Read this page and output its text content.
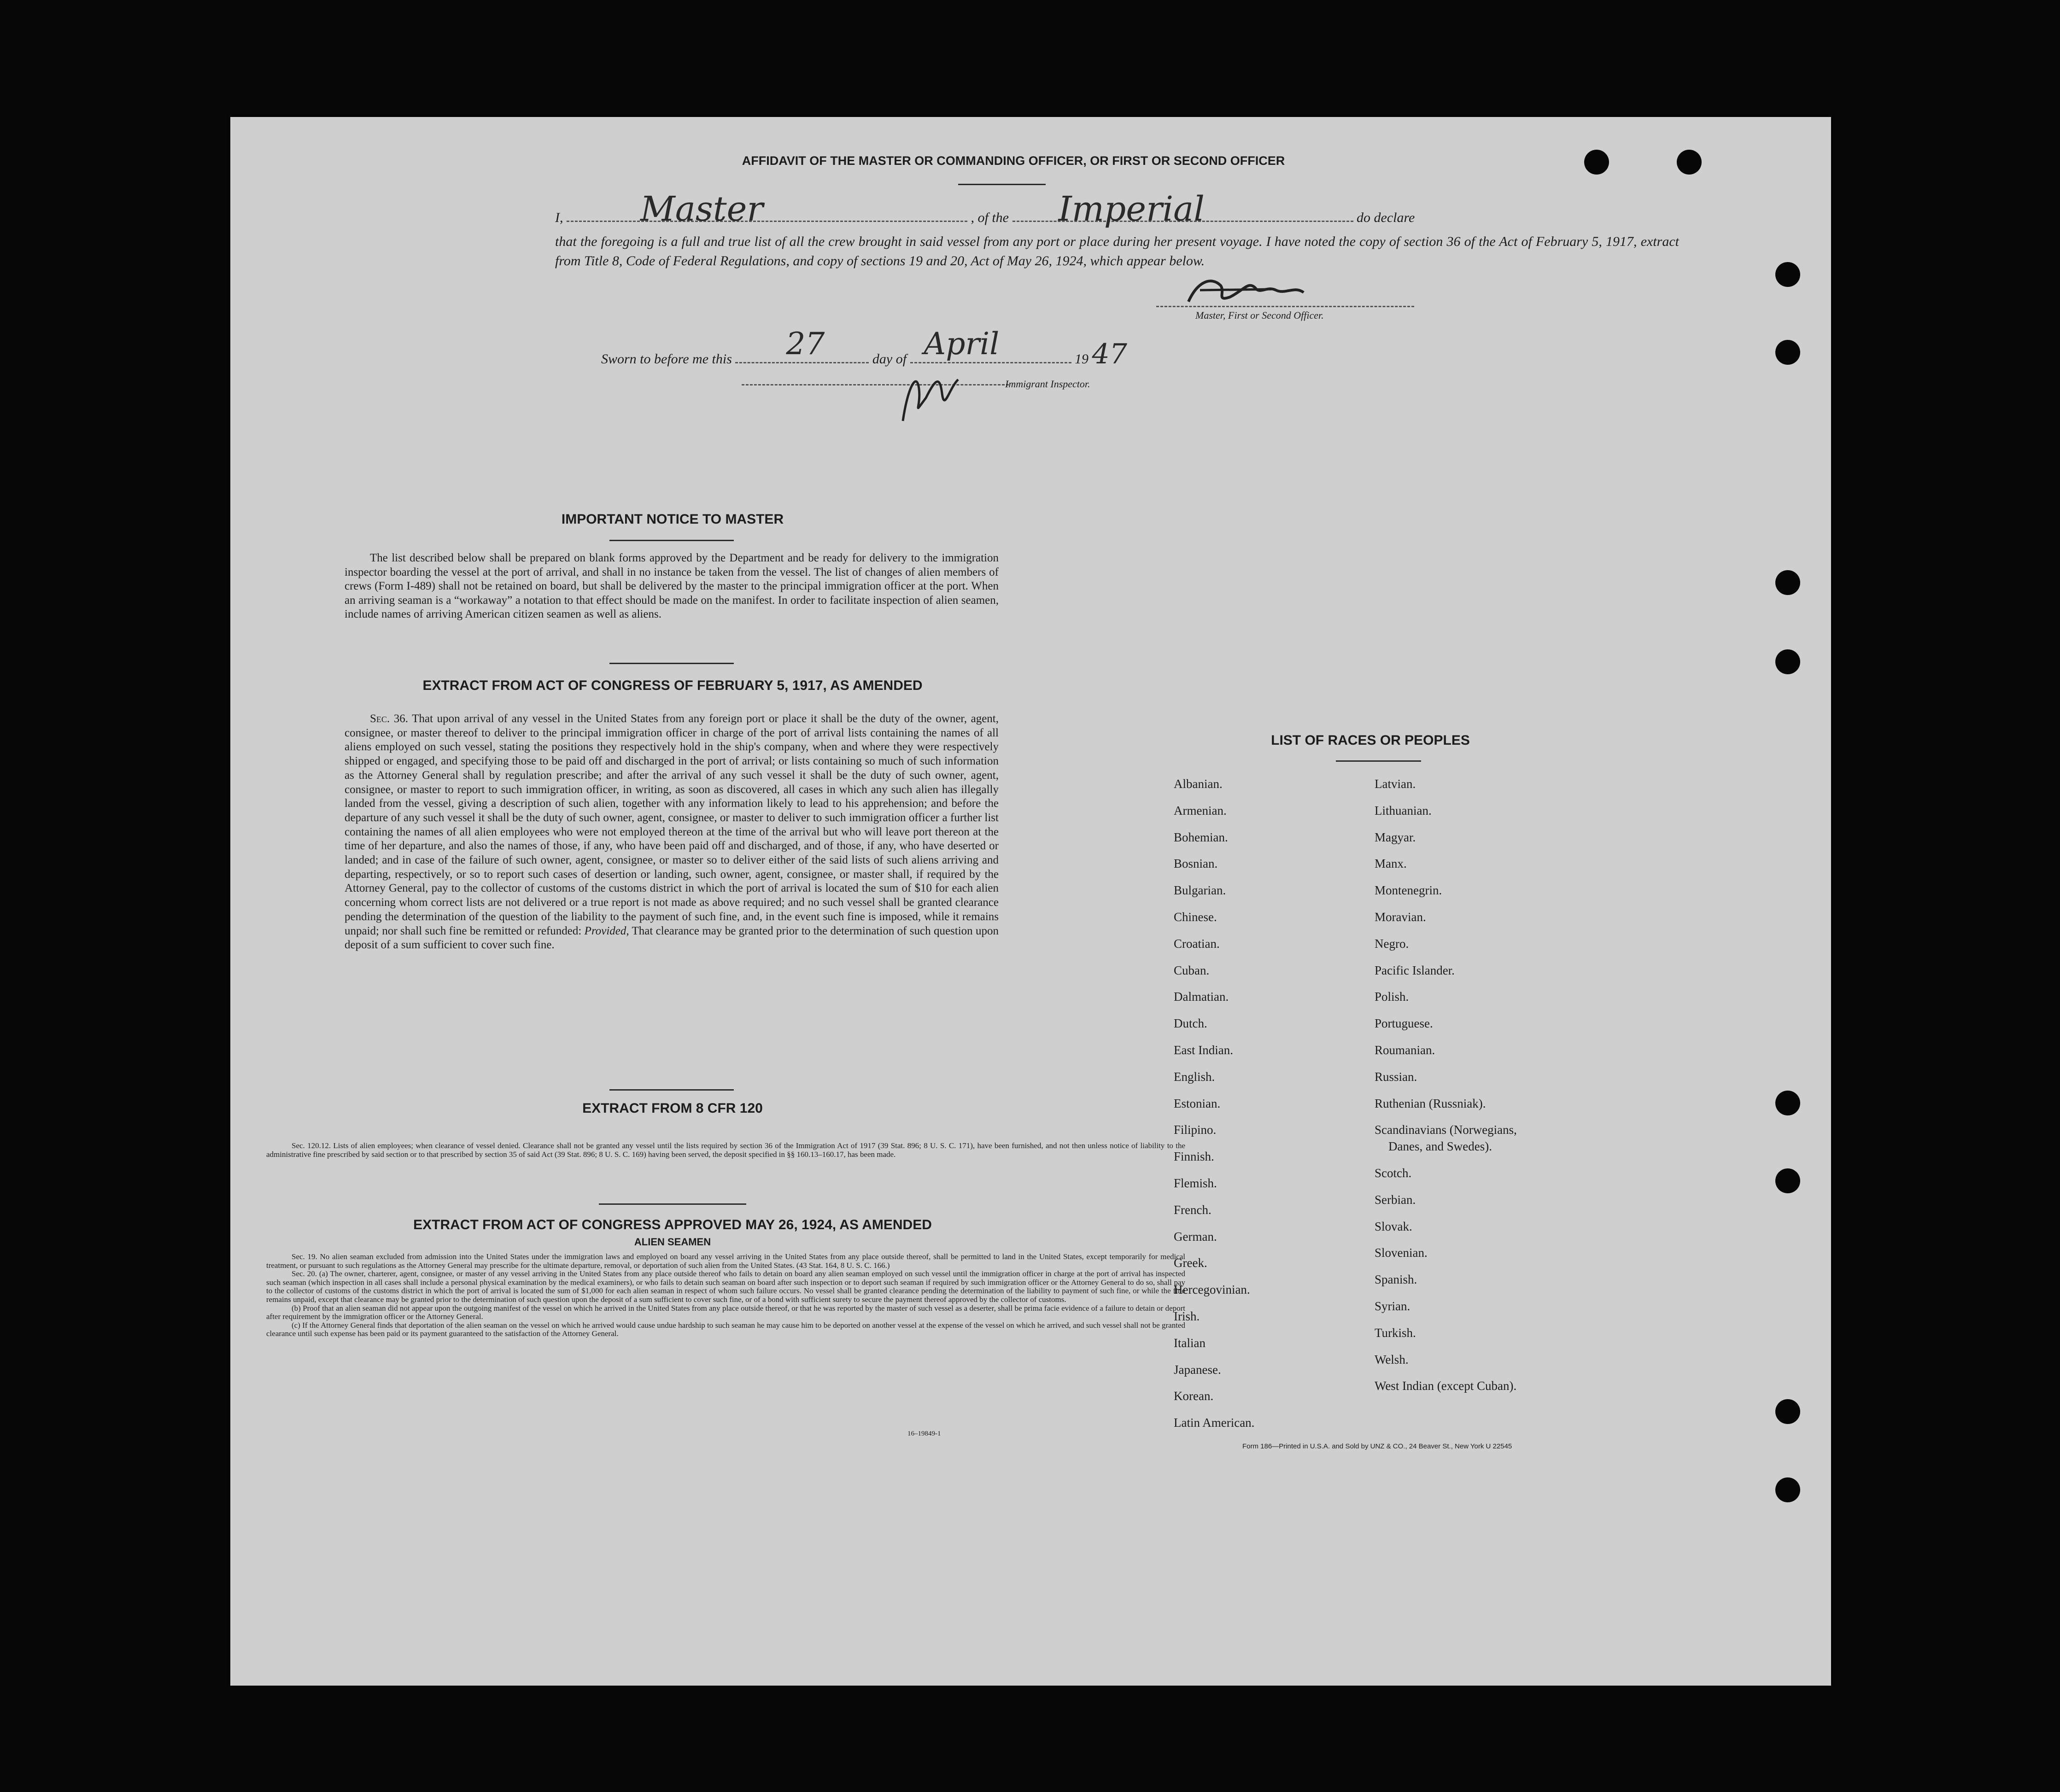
AFFIDAVIT OF THE MASTER OR COMMANDING OFFICER, OR FIRST OR SECOND OFFICER
I, Master	, of the Imperial	do declare

that the foregoing is a full and true list of all the crew brought in said vessel from any port or place during her present voyage. I have noted the copy of section 36 of the Act of February 5, 1917, extract from Title 8, Code of Federal Regulations, and copy of sections 19 and 20, Act of May 26, 1924, which appear below.

Master, First or Second Officer.
Sworn to before me this 27	day of April	19 47
Immigrant Inspector.
IMPORTANT NOTICE TO MASTER

The list described below shall be prepared on blank forms approved by the Department and be ready for delivery to the immigration inspector boarding the vessel at the port of arrival, and shall in no instance be taken from the vessel. The list of changes of alien members of crews (Form I-489) shall not be retained on board, but shall be delivered by the master to the principal immigration officer at the port. When an arriving seaman is a “workaway” a notation to that effect should be made on the manifest. In order to facilitate inspection of alien seamen, include names of arriving American citizen seamen as well as aliens.

EXTRACT FROM ACT OF CONGRESS OF FEBRUARY 5, 1917, AS AMENDED

Sec. 36. That upon arrival of any vessel in the United States from any foreign port or place it shall be the duty of the owner, agent, consignee, or master thereof to deliver to the principal immigration officer in charge of the port of arrival lists containing the names of all aliens employed on such vessel, stating the positions they respectively hold in the ship's company, when and where they were respectively shipped or engaged, and specifying those to be paid off and discharged in the port of arrival; or lists containing so much of such information as the Attorney General shall by regulation prescribe; and after the arrival of any such vessel it shall be the duty of such owner, agent, consignee, or master to report to such immigration officer, in writing, as soon as discovered, all cases in which any such alien has illegally landed from the vessel, giving a description of such alien, together with any information likely to lead to his apprehension; and before the departure of any such vessel it shall be the duty of such owner, agent, consignee, or master to deliver to such immigration officer a further list containing the names of all alien employees who were not employed thereon at the time of the arrival but who will leave port thereon at the time of her departure, and also the names of those, if any, who have been paid off and discharged, and of those, if any, who have deserted or landed; and in case of the failure of such owner, agent, consignee, or master so to deliver either of the said lists of such aliens arriving and departing, respectively, or so to report such cases of desertion or landing, such owner, agent, consignee, or master shall, if required by the Attorney General, pay to the collector of customs of the customs district in which the port of arrival is located the sum of $10 for each alien concerning whom correct lists are not delivered or a true report is not made as above required; and no such vessel shall be granted clearance pending the determination of the question of the liability to the payment of such fine, and, in the event such fine is imposed, while it remains unpaid; nor shall such fine be remitted or refunded: Provided, That clearance may be granted prior to the determination of such question upon deposit of a sum sufficient to cover such fine.

EXTRACT FROM 8 CFR 120

Sec. 120.12. Lists of alien employees; when clearance of vessel denied. Clearance shall not be granted any vessel until the lists required by section 36 of the Immigration Act of 1917 (39 Stat. 896; 8 U. S. C. 171), have been furnished, and not then unless notice of liability to the administrative fine prescribed by said section or to that prescribed by section 35 of said Act (39 Stat. 896; 8 U. S. C. 169) having been served, the deposit specified in §§ 160.13–160.17, has been made.

EXTRACT FROM ACT OF CONGRESS APPROVED MAY 26, 1924, AS AMENDED
ALIEN SEAMEN

Sec. 19. No alien seaman excluded from admission into the United States under the immigration laws and employed on board any vessel arriving in the United States from any place outside thereof, shall be permitted to land in the United States, except temporarily for medical treatment, or pursuant to such regulations as the Attorney General may prescribe for the ultimate departure, removal, or deportation of such alien from the United States. (43 Stat. 164, 8 U. S. C. 166.)

Sec. 20. (a) The owner, charterer, agent, consignee, or master of any vessel arriving in the United States from any place outside thereof who fails to detain on board any alien seaman employed on such vessel until the immigration officer in charge at the port of arrival has inspected such seaman (which inspection in all cases shall include a personal physical examination by the medical examiners), or who fails to detain such seaman on board after such inspection or to deport such seaman if required by such immigration officer or the Attorney General to do so, shall pay to the collector of customs of the customs district in which the port of arrival is located the sum of $1,000 for each alien seaman in respect of whom such failure occurs. No vessel shall be granted clearance pending the determination of the liability to payment of such fine, or while the fine remains unpaid, except that clearance may be granted prior to the determination of such question upon the deposit of a sum sufficient to cover such fine, or of a bond with sufficient surety to secure the payment thereof approved by the collector of customs.

(b) Proof that an alien seaman did not appear upon the outgoing manifest of the vessel on which he arrived in the United States from any place outside thereof, or that he was reported by the master of such vessel as a deserter, shall be prima facie evidence of a failure to detain or deport after requirement by the immigration officer or the Attorney General.

(c) If the Attorney General finds that deportation of the alien seaman on the vessel on which he arrived would cause undue hardship to such seaman he may cause him to be deported on another vessel at the expense of the vessel on which he arrived, and such vessel shall not be granted clearance until such expense has been paid or its payment guaranteed to the satisfaction of the Attorney General.

16–19849-1
LIST OF RACES OR PEOPLES
Albanian.
Armenian.
Bohemian.
Bosnian.
Bulgarian.
Chinese.
Croatian.
Cuban.
Dalmatian.
Dutch.
East Indian.
English.
Estonian.
Filipino.
Finnish.
Flemish.
French.
German.
Greek.
Hercegovinian.
Irish.
Italian
Japanese.
Korean.
Latin American.
Latvian.
Lithuanian.
Magyar.
Manx.
Montenegrin.
Moravian.
Negro.
Pacific Islander.
Polish.
Portuguese.
Roumanian.
Russian.
Ruthenian (Russniak).
Scandinavians (Norwegians,
Danes, and Swedes).
Scotch.
Serbian.
Slovak.
Slovenian.
Spanish.
Syrian.
Turkish.
Welsh.
West Indian (except Cuban).
Form 186—Printed in U.S.A. and Sold by UNZ & CO., 24 Beaver St., New York U 22545
